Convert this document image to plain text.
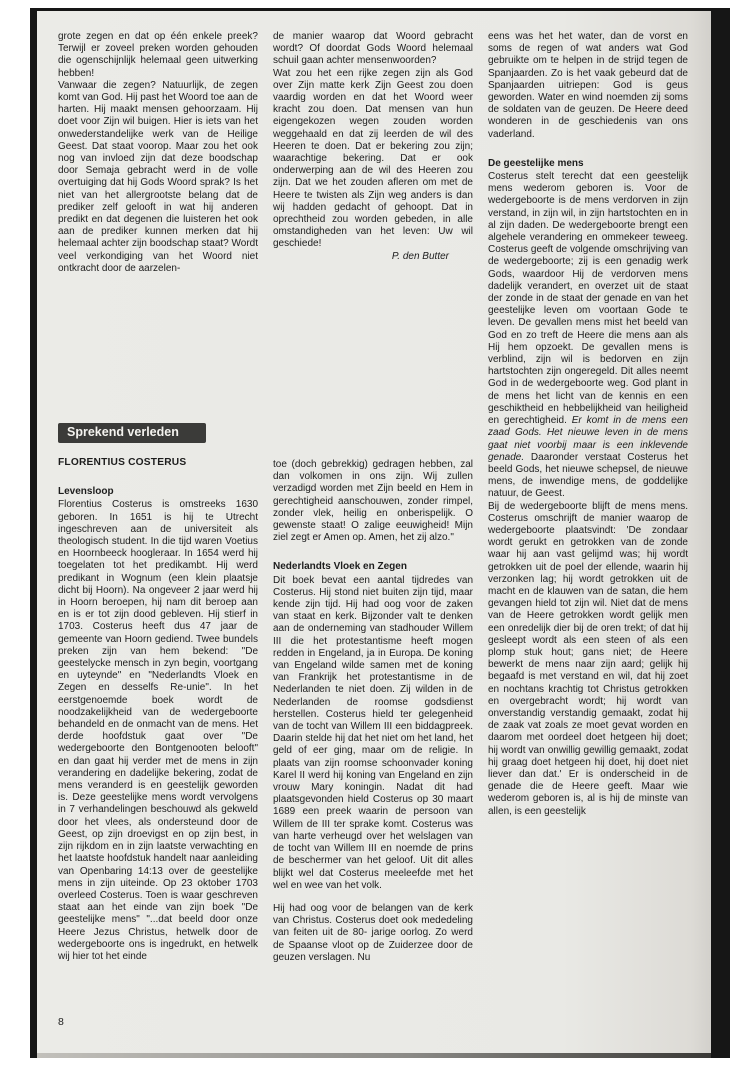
grote zegen en dat op één enkele preek? Terwijl er zoveel preken worden gehouden die ogenschijnlijk helemaal geen uitwerking hebben!

Vanwaar die zegen? Natuurlijk, de zegen komt van God. Hij past het Woord toe aan de harten. Hij maakt mensen gehoorzaam. Hij doet voor Zijn wil buigen. Hier is iets van het onwederstandelijke werk van de Heilige Geest. Dat staat voorop. Maar zou het ook nog van invloed zijn dat deze boodschap door Semaja gebracht werd in de volle overtuiging dat hij Gods Woord sprak? Is het niet van het allergrootste belang dat de prediker zelf gelooft in wat hij anderen predikt en dat degenen die luisteren het ook aan de prediker kunnen merken dat hij helemaal achter zijn boodschap staat? Wordt veel verkondiging van het Woord niet ontkracht door de aarzelen-

Sprekend verleden
FLORENTIUS COSTERUS
Levensloop

Florentius Costerus is omstreeks 1630 geboren. In 1651 is hij te Utrecht ingeschreven aan de universiteit als theologisch student. In die tijd waren Voetius en Hoornbeeck hoogleraar. In 1654 werd hij toegelaten tot het predikambt. Hij werd predikant in Wognum (een klein plaatsje dicht bij Hoorn). Na ongeveer 2 jaar werd hij in Hoorn beroepen, hij nam dit beroep aan en is er tot zijn dood gebleven. Hij stierf in 1703. Costerus heeft dus 47 jaar de gemeente van Hoorn gediend. Twee bundels preken zijn van hem bekend: "De geestelycke mensch in zyn begin, voortgang en uyteynde" en "Nederlandts Vloek en Zegen en desselfs Re-unie". In het eerstgenoemde boek wordt de noodzakelijkheid van de wedergeboorte behandeld en de onmacht van de mens. Het derde hoofdstuk gaat over "De wedergeboorte den Bontgenooten belooft" en dan gaat hij verder met de mens in zijn verandering en dadelijke bekering, zodat de mens veranderd is en geestelijk geworden is. Deze geestelijke mens wordt vervolgens in 7 verhandelingen beschouwd als gekweld door het vlees, als ondersteund door de Geest, op zijn droevigst en op zijn best, in zijn rijkdom en in zijn laatste verwachting en het laatste hoofdstuk handelt naar aanleiding van Openbaring 14:13 over de geestelijke mens in zijn uiteinde. Op 23 oktober 1703 overleed Costerus. Toen is waar geschreven staat aan het einde van zijn boek "De geestelijke mens" "...dat beeld door onze Heere Jezus Christus, hetwelk door de wedergeboorte ons is ingedrukt, en hetwelk wij hier tot het einde

de manier waarop dat Woord gebracht wordt? Of doordat Gods Woord helemaal schuil gaan achter mensenwoorden?

Wat zou het een rijke zegen zijn als God over Zijn matte kerk Zijn Geest zou doen vaardig worden en dat het Woord weer kracht zou doen. Dat mensen van hun eigengekozen wegen zouden worden weggehaald en dat zij leerden de wil des Heeren te doen. Dat er bekering zou zijn; waarachtige bekering. Dat er ook onderwerping aan de wil des Heeren zou zijn. Dat we het zouden afleren om met de Heere te twisten als Zijn weg anders is dan wij hadden gedacht of gehoopt. Dat in oprechtheid zou worden gebeden, in alle omstandigheden van het leven: Uw wil geschiede!

P. den Butter

toe (doch gebrekkig) gedragen hebben, zal dan volkomen in ons zijn. Wij zullen verzadigd worden met Zijn beeld en Hem in gerechtigheid aanschouwen, zonder rimpel, zonder vlek, heilig en onberispelijk. O gewenste staat! O zalige eeuwigheid! Mijn ziel zegt er Amen op. Amen, het zij alzo."

Nederlandts Vloek en Zegen

Dit boek bevat een aantal tijdredes van Costerus. Hij stond niet buiten zijn tijd, maar kende zijn tijd. Hij had oog voor de zaken van staat en kerk. Bijzonder valt te denken aan de onderneming van stadhouder Willem III die het protestantisme heeft mogen redden in Engeland, ja in Europa. De koning van Engeland wilde samen met de koning van Frankrijk het protestantisme in de Nederlanden te niet doen. Zij wilden in de Nederlanden de roomse godsdienst herstellen. Costerus hield ter gelegenheid van de tocht van Willem III een biddagpreek. Daarin stelde hij dat het niet om het land, het geld of eer ging, maar om de religie. In plaats van zijn roomse schoonvader koning Karel II werd hij koning van Engeland en zijn vrouw Mary koningin. Nadat dit had plaatsgevonden hield Costerus op 30 maart 1689 een preek waarin de persoon van Willem de III ter sprake komt. Costerus was van harte verheugd over het welslagen van de tocht van Willem III en noemde de prins de beschermer van het geloof. Uit dit alles blijkt wel dat Costerus meeleefde met het wel en wee van het volk.

Hij had oog voor de belangen van de kerk van Christus. Costerus doet ook mededeling van feiten uit de 80- jarige oorlog. Zo werd de Spaanse vloot op de Zuiderzee door de geuzen verslagen. Nu

eens was het het water, dan de vorst en soms de regen of wat anders wat God gebruikte om te helpen in de strijd tegen de Spanjaarden. Zo is het vaak gebeurd dat de Spanjaarden uitriepen: God is geus geworden. Water en wind noemden zij soms de soldaten van de geuzen. De Heere deed wonderen in de geschiedenis van ons vaderland.

De geestelijke mens

Costerus stelt terecht dat een geestelijk mens wederom geboren is. Voor de wedergeboorte is de mens verdorven in zijn verstand, in zijn wil, in zijn hartstochten en in al zijn daden. De wedergeboorte brengt een algehele verandering en ommekeer teweeg. Costerus geeft de volgende omschrijving van de wedergeboorte; zij is een genadig werk Gods, waardoor Hij de verdorven mens dadelijk verandert, en overzet uit de staat der zonde in de staat der genade en van het geestelijke leven om voortaan Gode te leven. De gevallen mens mist het beeld van God en zo treft de Heere die mens aan als Hij hem opzoekt. De gevallen mens is verblind, zijn wil is bedorven en zijn hartstochten zijn ongeregeld. Dit alles neemt God in de wedergeboorte weg. God plant in de mens het licht van de kennis en een geschiktheid en hebbelijkheid van heiligheid en gerechtigheid. Er komt in de mens een zaad Gods. Het nieuwe leven in de mens gaat niet voorbij maar is een inklevende genade. Daaronder verstaat Costerus het beeld Gods, het nieuwe schepsel, de nieuwe mens, de inwendige mens, de goddelijke natuur, de Geest.

Bij de wedergeboorte blijft de mens mens. Costerus omschrijft de manier waarop de wedergeboorte plaatsvindt: 'De zondaar wordt gerukt en getrokken van de zonde waar hij aan vast gelijmd was; hij wordt getrokken uit de poel der ellende, waarin hij verzonken lag; hij wordt getrokken uit de macht en de klauwen van de satan, die hem gevangen hield tot zijn wil. Niet dat de mens van de Heere getrokken wordt gelijk men een onredelijk dier bij de oren trekt; of dat hij gesleept wordt als een steen of als een plomp stuk hout; gans niet; de Heere bewerkt de mens naar zijn aard; gelijk hij begaafd is met verstand en wil, dat hij zoet en nochtans krachtig tot Christus getrokken en overgebracht wordt; hij wordt van onverstandig verstandig gemaakt, zodat hij de zaak vat zoals ze moet gevat worden en daarom met oordeel doet hetgeen hij doet; hij wordt van onwillig gewillig gemaakt, zodat hij graag doet hetgeen hij doet, hij doet niet liever dan dat.' Er is onderscheid in de genade die de Heere geeft. Maar wie wederom geboren is, al is hij de minste van allen, is een geestelijk

8
